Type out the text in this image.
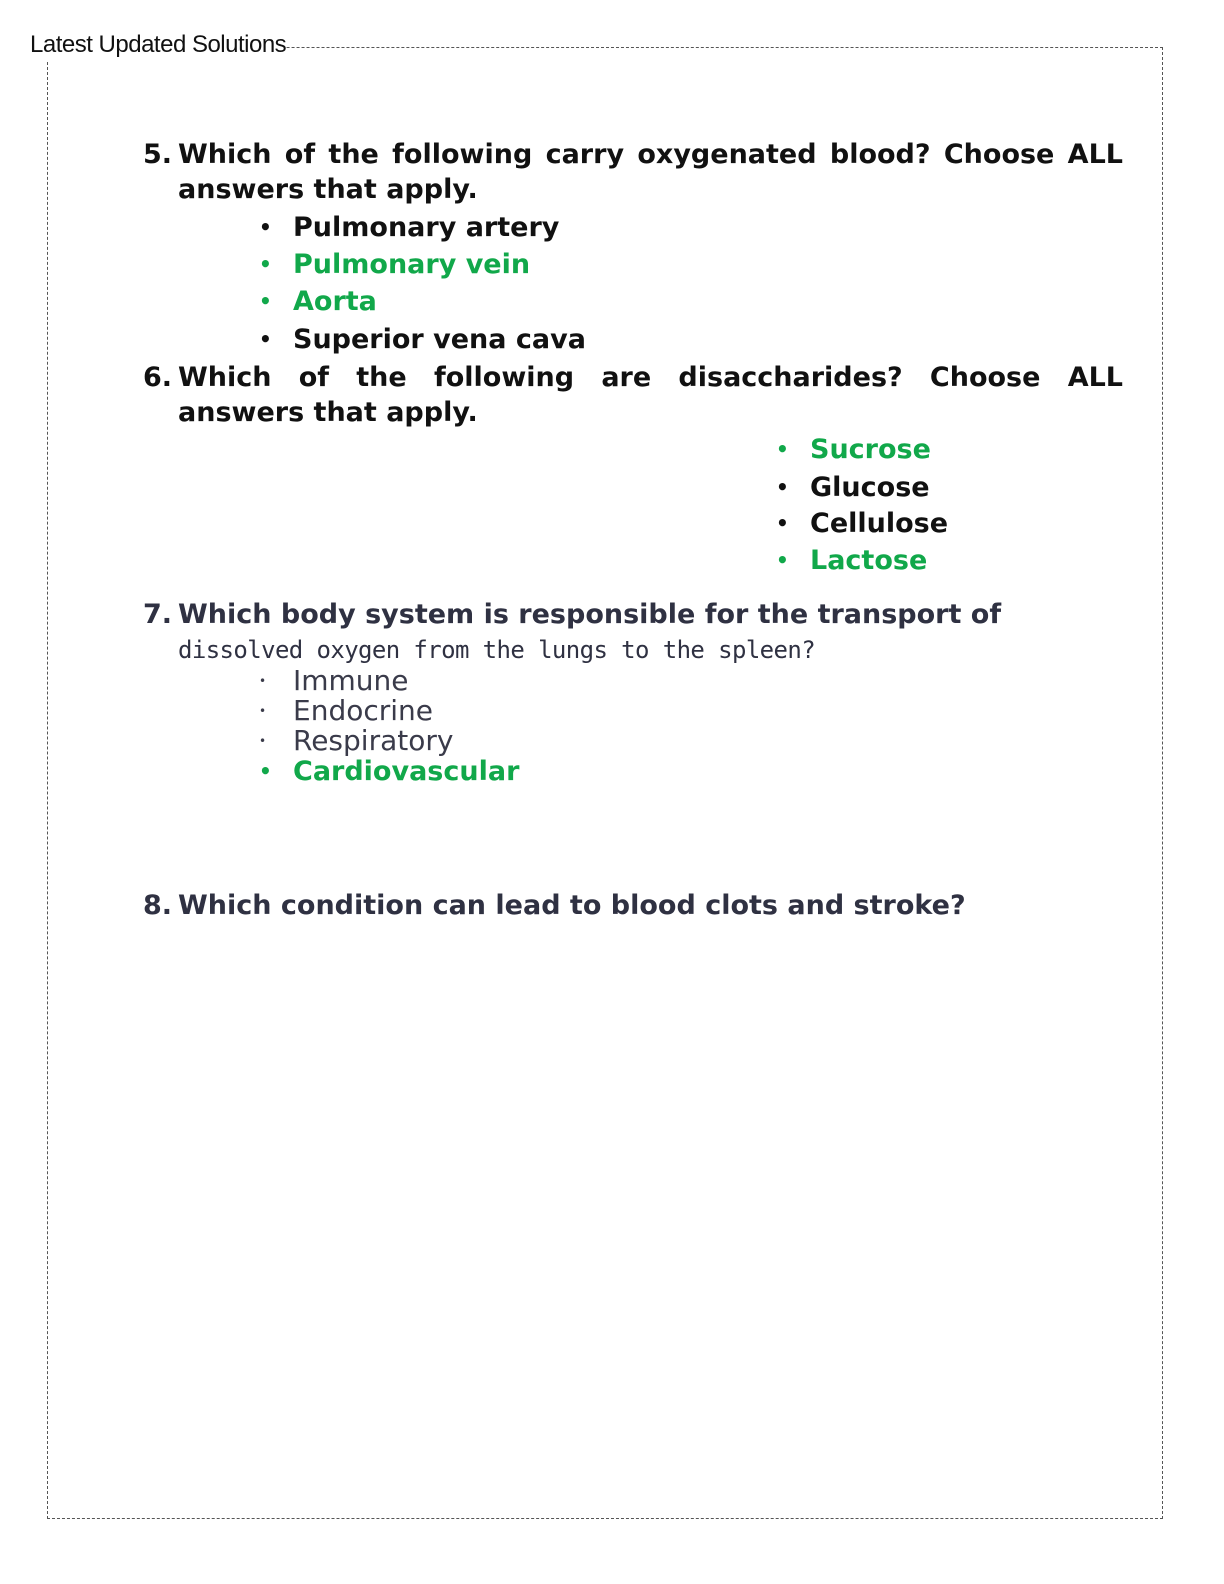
Latest Updated Solutions
5. Which of the following carry oxygenated blood? Choose ALL answers that apply.
• Pulmonary artery
• Pulmonary vein
• Aorta
• Superior vena cava
6. Which of the following are disaccharides? Choose ALL answers that apply.
• Sucrose
• Glucose
• Cellulose
• Lactose
7. Which body system is responsible for the transport of
dissolved oxygen from the lungs to the spleen?
• Immune
• Endocrine
• Respiratory
• Cardiovascular
8. Which condition can lead to blood clots and stroke?
